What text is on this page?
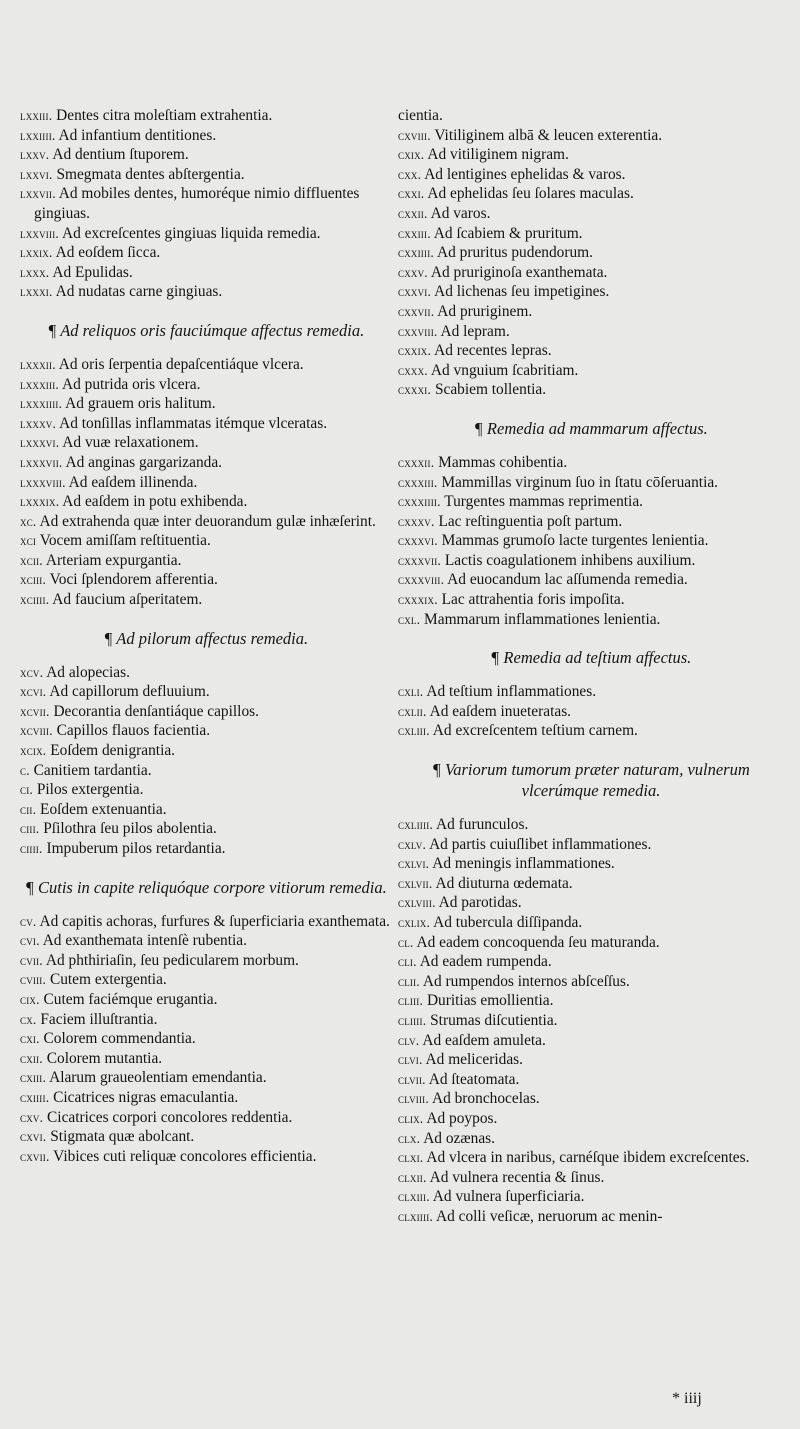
lxxiii. Dentes citra moleſtiam extrahentia.
lxxiiii. Ad infantium dentitiones.
lxxv. Ad dentium ſtuporem.
lxxvi. Smegmata dentes abſtergentia.
lxxvii. Ad mobiles dentes, humoréque nimio diffluentes gingiuas.
lxxviii. Ad excreſcentes gingiuas liquida remedia.
lxxix. Ad eoſdem ſicca.
lxxx. Ad Epulidas.
lxxxi. Ad nudatas carne gingiuas.
¶ Ad reliquos oris fauciúmque affectus remedia.
lxxxii. Ad oris ſerpentia depaſcentiáque vlcera.
lxxxiii. Ad putrida oris vlcera.
lxxxiiii. Ad grauem oris halitum.
lxxxv. Ad tonſillas inflammatas itémque vlceratas.
lxxxvi. Ad vuæ relaxationem.
lxxxvii. Ad anginas gargarizanda.
lxxxviii. Ad eaſdem illinenda.
lxxxix. Ad eaſdem in potu exhibenda.
xc. Ad extrahenda quæ inter deuorandum gulæ inhæſerint.
xci Vocem amiſſam reſtituentia.
xcii. Arteriam expurgantia.
xciii. Voci ſplendorem afferentia.
xciiii. Ad faucium aſperitatem.
¶ Ad pilorum affectus remedia.
xcv. Ad alopecias.
xcvi. Ad capillorum defluuium.
xcvii. Decorantia denſantiáque capillos.
xcviii. Capillos flauos facientia.
xcix. Eoſdem denigrantia.
c. Canitiem tardantia.
ci. Pilos extergentia.
cii. Eoſdem extenuantia.
ciii. Pſilothra ſeu pilos abolentia.
ciiii. Impuberum pilos retardantia.
¶ Cutis in capite reliquóque corpore vitiorum remedia.
cv. Ad capitis achoras, furfures & ſuperficiaria exanthemata.
cvi. Ad exanthemata intenſè rubentia.
cvii. Ad phthiriaſin, ſeu pedicularem morbum.
cviii. Cutem extergentia.
cix. Cutem faciémque erugantia.
cx. Faciem illuſtrantia.
cxi. Colorem commendantia.
cxii. Colorem mutantia.
cxiii. Alarum graueolentiam emendantia.
cxiiii. Cicatrices nigras emaculantia.
cxv. Cicatrices corpori concolores reddentia.
cxvi. Stigmata quæ abolcant.
cxvii. Vibices cuti reliquæ concolores efficientia.
cientia.
cxviii. Vitiliginem albā & leucen exterentia.
cxix. Ad vitiliginem nigram.
cxx. Ad lentigines ephelidas & varos.
cxxi. Ad ephelidas ſeu ſolares maculas.
cxxii. Ad varos.
cxxiii. Ad ſcabiem & pruritum.
cxxiiii. Ad pruritus pudendorum.
cxxv. Ad pruriginoſa exanthemata.
cxxvi. Ad lichenas ſeu impetigines.
cxxvii. Ad pruriginem.
cxxviii. Ad lepram.
cxxix. Ad recentes lepras.
cxxx. Ad vnguium ſcabritiam.
cxxxi. Scabiem tollentia.
¶ Remedia ad mammarum affectus.
cxxxii. Mammas cohibentia.
cxxxiii. Mammillas virginum ſuo in ſtatu cōſeruantia.
cxxxiiii. Turgentes mammas reprimentia.
cxxxv. Lac reſtinguentia poſt partum.
cxxxvi. Mammas grumoſo lacte turgentes lenientia.
cxxxvii. Lactis coagulationem inhibens auxilium.
cxxxviii. Ad euocandum lac aſſumenda remedia.
cxxxix. Lac attrahentia foris impoſita.
cxl. Mammarum inflammationes lenientia.
¶ Remedia ad teſtium affectus.
cxli. Ad teſtium inflammationes.
cxlii. Ad eaſdem inueteratas.
cxliii. Ad excreſcentem teſtium carnem.
¶ Variorum tumorum præter naturam, vulnerum vlcerúmque remedia.
cxliiii. Ad furunculos.
cxlv. Ad partis cuiuſlibet inflammationes.
cxlvi. Ad meningis inflammationes.
cxlvii. Ad diuturna œdemata.
cxlviii. Ad parotidas.
cxlix. Ad tubercula diſſipanda.
cl. Ad eadem concoquenda ſeu maturanda.
cli. Ad eadem rumpenda.
clii. Ad rumpendos internos abſceſſus.
cliii. Duritias emollientia.
cliiii. Strumas diſcutientia.
clv. Ad eaſdem amuleta.
clvi. Ad meliceridas.
clvii. Ad ſteatomata.
clviii. Ad bronchocelas.
clix. Ad poypos.
clx. Ad ozænas.
clxi. Ad vlcera in naribus, carnéſque ibidem excreſcentes.
clxii. Ad vulnera recentia & ſinus.
clxiii. Ad vulnera ſuperficiaria.
clxiiii. Ad colli veſicæ, neruorum ac menin-
* iiij
